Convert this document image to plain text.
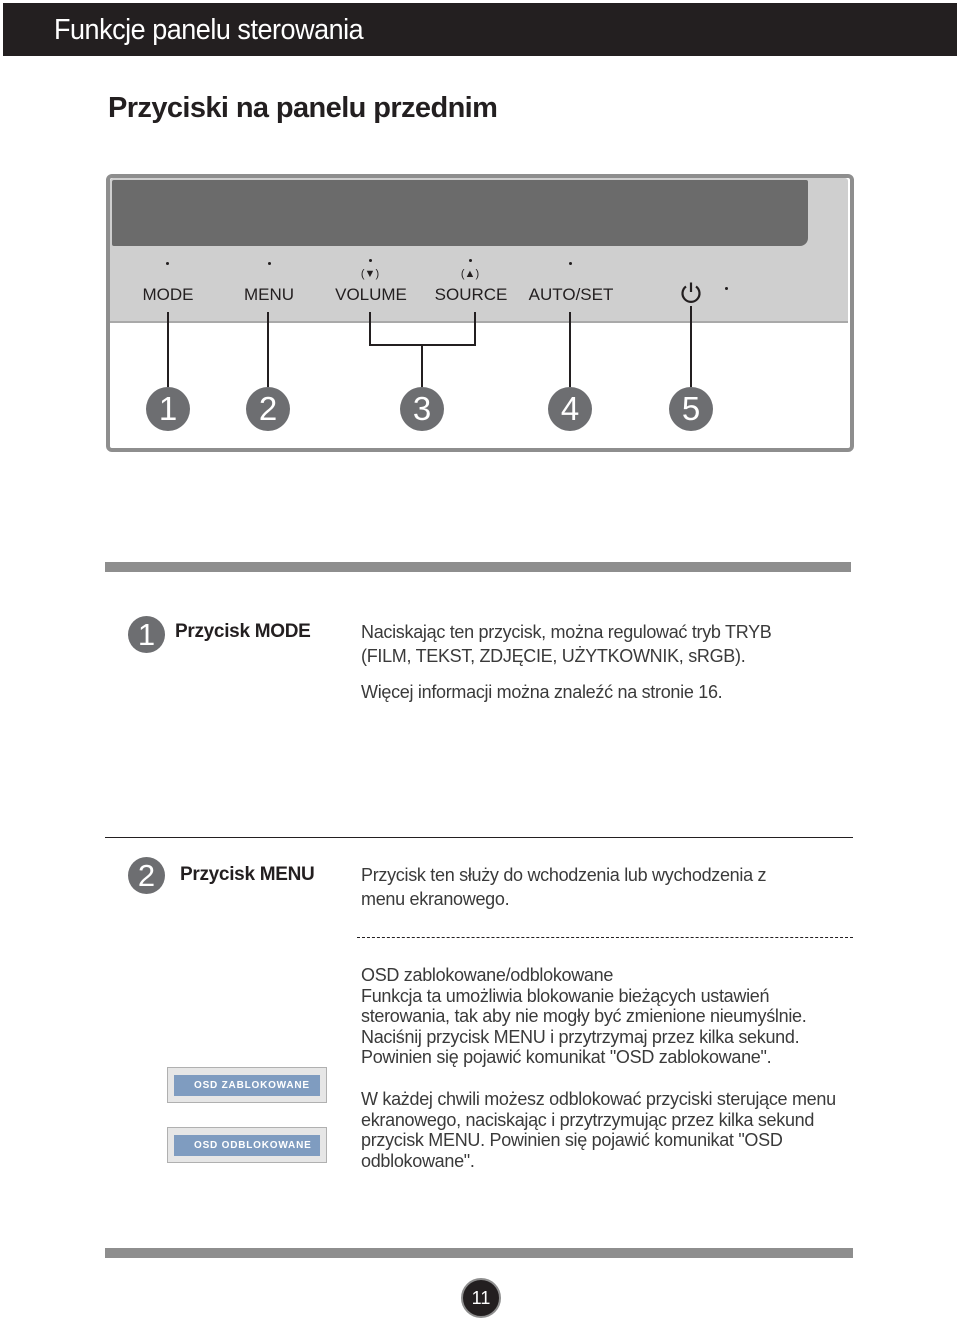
Funkcje panelu sterowania
Przyciski na panelu przednim
(▼)	(▲)
MODE	MENU VOLUME SOURCE AUTO/SET
1	2	3	4	5
1	Przycisk MODE	Naciskając ten przycisk, można regulować tryb TRYB
(FILM, TEKST, ZDJĘCIE, UŻYTKOWNIK, sRGB).
Więcej informacji można znaleźć na stronie 16.
2	Przycisk MENU	Przycisk ten służy do wchodzenia lub wychodzenia z
menu ekranowego.
OSD zablokowane/odblokowane
Funkcja ta umożliwia blokowanie bieżących ustawień
sterowania, tak aby nie mogły być zmienione nieumyślnie.
Naciśnij przycisk MENU i przytrzymaj przez kilka sekund.
Powinien się pojawić komunikat "OSD zablokowane".
W każdej chwili możesz odblokować przyciski sterujące menu
ekranowego, naciskając i przytrzymując przez kilka sekund
przycisk MENU. Powinien się pojawić komunikat "OSD
odblokowane".
OSD ZABLOKOWANE
OSD ODBLOKOWANE
11
